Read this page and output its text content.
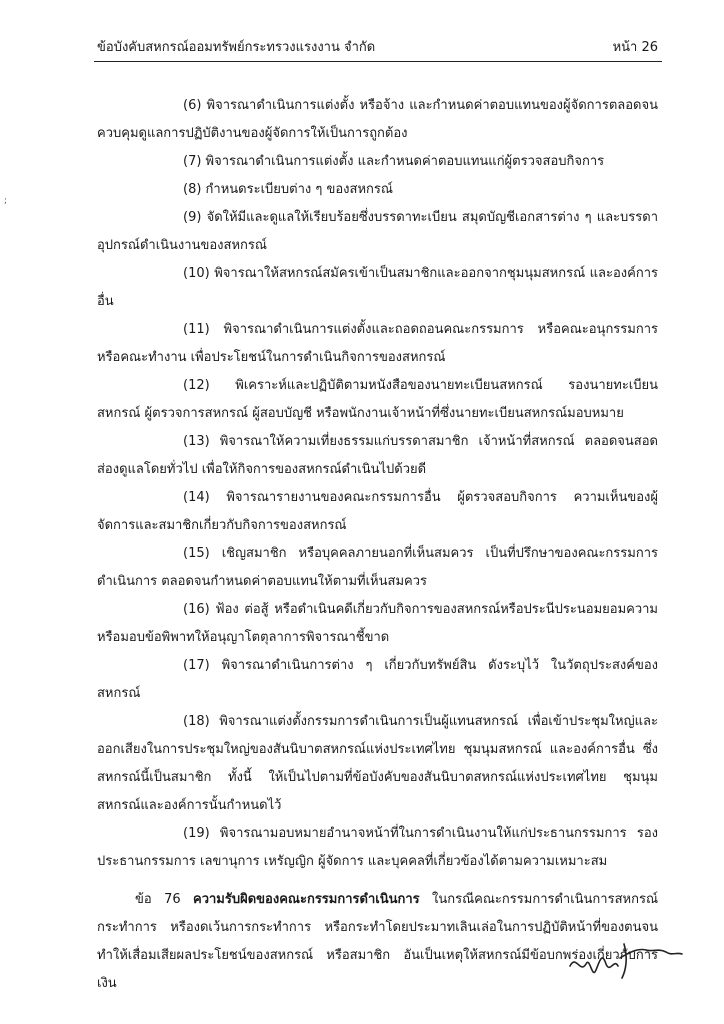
ข้อบังคับสหกรณ์ออมทรัพย์กระทรวงแรงงาน จำกัด	หน้า 26
;

(6) พิจารณาดำเนินการแต่งตั้ง หรือจ้าง และกำหนดค่าตอบแทนของผู้จัดการตลอดจนควบคุมดูแลการปฏิบัติงานของผู้จัดการให้เป็นการถูกต้อง

(7) พิจารณาดำเนินการแต่งตั้ง และกำหนดค่าตอบแทนแก่ผู้ตรวจสอบกิจการ

(8) กำหนดระเบียบต่าง ๆ ของสหกรณ์

(9) จัดให้มีและดูแลให้เรียบร้อยซึ่งบรรดาทะเบียน สมุดบัญชีเอกสารต่าง ๆ และบรรดาอุปกรณ์ดำเนินงานของสหกรณ์

(10) พิจารณาให้สหกรณ์สมัครเข้าเป็นสมาชิกและออกจากชุมนุมสหกรณ์ และองค์การอื่น

(11) พิจารณาดำเนินการแต่งตั้งและถอดถอนคณะกรรมการ หรือคณะอนุกรรมการ หรือคณะทำงาน เพื่อประโยชน์ในการดำเนินกิจการของสหกรณ์

(12) พิเคราะห์และปฏิบัติตามหนังสือของนายทะเบียนสหกรณ์ รองนายทะเบียนสหกรณ์ ผู้ตรวจการสหกรณ์ ผู้สอบบัญชี หรือพนักงานเจ้าหน้าที่ซึ่งนายทะเบียนสหกรณ์มอบหมาย

(13) พิจารณาให้ความเที่ยงธรรมแก่บรรดาสมาชิก เจ้าหน้าที่สหกรณ์ ตลอดจนสอดส่องดูแลโดยทั่วไป เพื่อให้กิจการของสหกรณ์ดำเนินไปด้วยดี

(14) พิจารณารายงานของคณะกรรมการอื่น ผู้ตรวจสอบกิจการ ความเห็นของผู้จัดการและสมาชิกเกี่ยวกับกิจการของสหกรณ์

(15) เชิญสมาชิก หรือบุคคลภายนอกที่เห็นสมควร เป็นที่ปรึกษาของคณะกรรมการดำเนินการ ตลอดจนกำหนดค่าตอบแทนให้ตามที่เห็นสมควร

(16) ฟ้อง ต่อสู้ หรือดำเนินคดีเกี่ยวกับกิจการของสหกรณ์หรือประนีประนอมยอมความ หรือมอบข้อพิพาทให้อนุญาโตตุลาการพิจารณาชี้ขาด

(17) พิจารณาดำเนินการต่าง ๆ เกี่ยวกับทรัพย์สิน ดังระบุไว้ ในวัตถุประสงค์ของสหกรณ์

(18) พิจารณาแต่งตั้งกรรมการดำเนินการเป็นผู้แทนสหกรณ์ เพื่อเข้าประชุมใหญ่และออกเสียงในการประชุมใหญ่ของสันนิบาตสหกรณ์แห่งประเทศไทย ชุมนุมสหกรณ์ และองค์การอื่น ซึ่งสหกรณ์นี้เป็นสมาชิก ทั้งนี้ ให้เป็นไปตามที่ข้อบังคับของสันนิบาตสหกรณ์แห่งประเทศไทย ชุมนุมสหกรณ์และองค์การนั้นกำหนดไว้

(19) พิจารณามอบหมายอำนาจหน้าที่ในการดำเนินงานให้แก่ประธานกรรมการ รองประธานกรรมการ เลขานุการ เหรัญญิก ผู้จัดการ และบุคคลที่เกี่ยวข้องได้ตามความเหมาะสม

ข้อ 76 ความรับผิดของคณะกรรมการดำเนินการ ในกรณีคณะกรรมการดำเนินการสหกรณ์กระทำการ หรืองดเว้นการกระทำการ หรือกระทำโดยประมาทเลินเล่อในการปฏิบัติหน้าที่ของตนจนทำให้เสื่อมเสียผลประโยชน์ของสหกรณ์ หรือสมาชิก อันเป็นเหตุให้สหกรณ์มีข้อบกพร่องเกี่ยวกับการเงิน
